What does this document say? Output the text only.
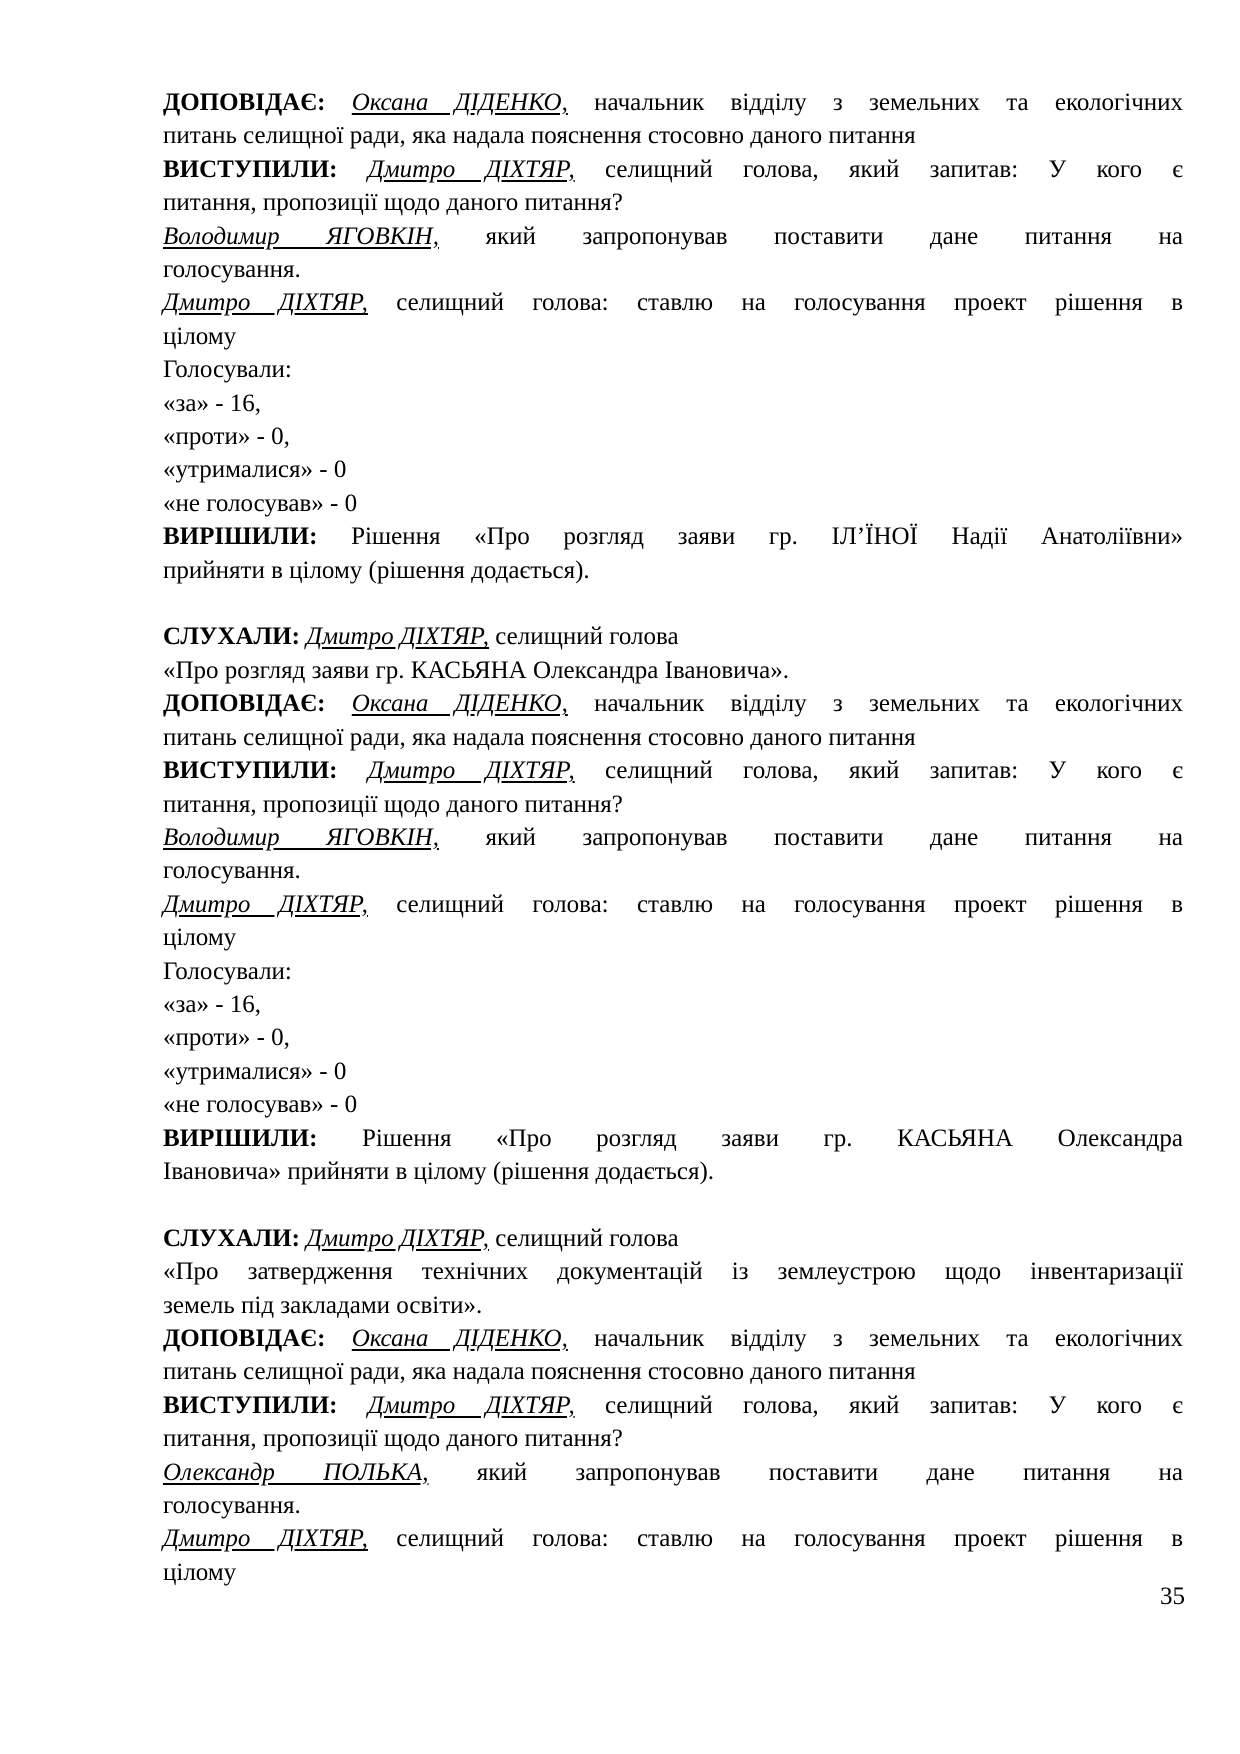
ДОПОВІДАЄ: Оксана ДІДЕНКО, начальник відділу з земельних та екологічних

питань селищної ради, яка надала пояснення стосовно даного питання

ВИСТУПИЛИ: Дмитро ДІХТЯР, селищний голова, який запитав: У кого є

питання, пропозиції щодо даного питання?

Володимир ЯГОВКІН, який запропонував поставити дане питання на

голосування.

Дмитро ДІХТЯР, селищний голова: ставлю на голосування проект рішення в

цілому

Голосували:

«за» - 16,

«проти» - 0,

«утрималися» - 0

«не голосував» - 0

ВИРІШИЛИ: Рішення «Про розгляд заяви гр. ІЛ’ЇНОЇ Надії Анатоліївни»

прийняти в цілому (рішення додається).

СЛУХАЛИ: Дмитро ДІХТЯР, селищний голова

«Про розгляд заяви гр. КАСЬЯНА Олександра Івановича».

ДОПОВІДАЄ: Оксана ДІДЕНКО, начальник відділу з земельних та екологічних

питань селищної ради, яка надала пояснення стосовно даного питання

ВИСТУПИЛИ: Дмитро ДІХТЯР, селищний голова, який запитав: У кого є

питання, пропозиції щодо даного питання?

Володимир ЯГОВКІН, який запропонував поставити дане питання на

голосування.

Дмитро ДІХТЯР, селищний голова: ставлю на голосування проект рішення в

цілому

Голосували:

«за» - 16,

«проти» - 0,

«утрималися» - 0

«не голосував» - 0

ВИРІШИЛИ: Рішення «Про розгляд заяви гр. КАСЬЯНА Олександра

Івановича» прийняти в цілому (рішення додається).

СЛУХАЛИ: Дмитро ДІХТЯР, селищний голова

«Про затвердження технічних документацій із землеустрою щодо інвентаризації

земель під закладами освіти».

ДОПОВІДАЄ: Оксана ДІДЕНКО, начальник відділу з земельних та екологічних

питань селищної ради, яка надала пояснення стосовно даного питання

ВИСТУПИЛИ: Дмитро ДІХТЯР, селищний голова, який запитав: У кого є

питання, пропозиції щодо даного питання?

Олександр ПОЛЬКА, який запропонував поставити дане питання на

голосування.

Дмитро ДІХТЯР, селищний голова: ставлю на голосування проект рішення в

цілому

35
